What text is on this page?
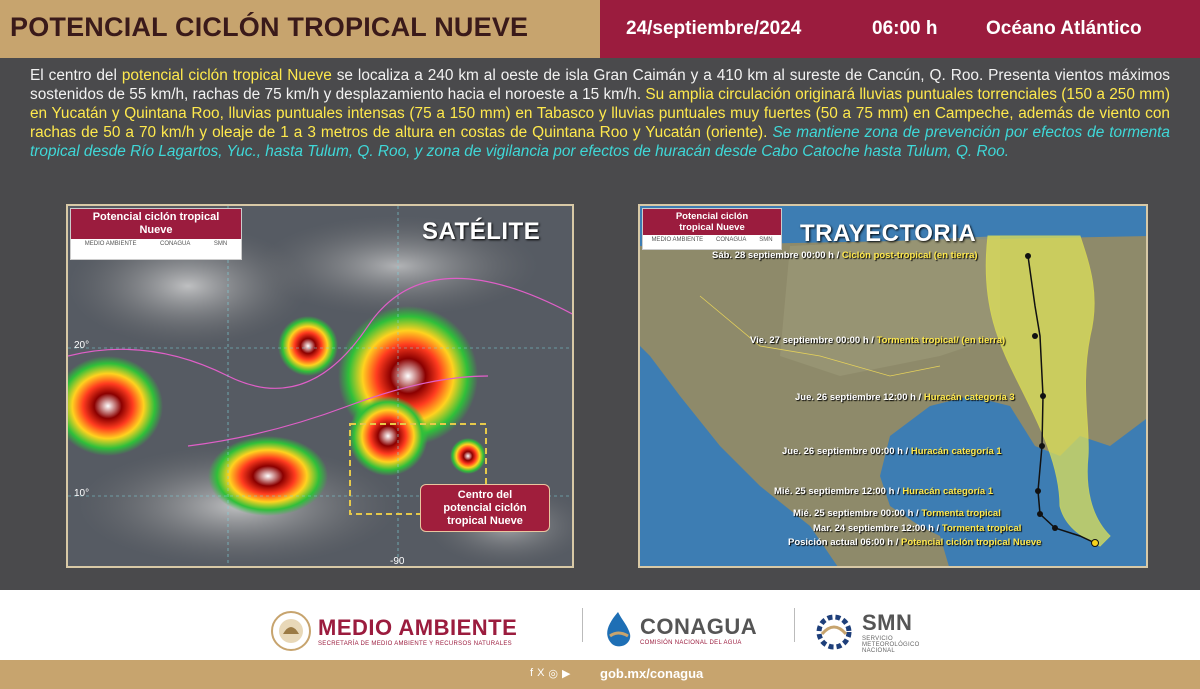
POTENCIAL CICLÓN TROPICAL NUEVE	24/septiembre/2024	06:00 h	Océano Atlántico
El centro del potencial ciclón tropical Nueve se localiza a 240 km al oeste de isla Gran Caimán y a 410 km al sureste de Cancún, Q. Roo. Presenta vientos máximos sostenidos de 55 km/h, rachas de 75 km/h y desplazamiento hacia el noroeste a 15 km/h. Su amplia circulación originará lluvias puntuales torrenciales (150 a 250 mm) en Yucatán y Quintana Roo, lluvias puntuales intensas (75 a 150 mm) en Tabasco y lluvias puntuales muy fuertes (50 a 75 mm) en Campeche, además de viento con rachas de 50 a 70 km/h y oleaje de 1 a 3 metros de altura en costas de Quintana Roo y Yucatán (oriente). Se mantiene zona de prevención por efectos de tormenta tropical desde Río Lagartos, Yuc., hasta Tulum, Q. Roo, y zona de vigilancia por efectos de huracán desde Cabo Catoche hasta Tulum, Q. Roo.
Potencial ciclón tropical
Nueve
MEDIO AMBIENTE	CONAGUA	SMN	SATÉLITE
20°
10°
-90
Centro del
potencial ciclón
tropical Nueve
Potencial ciclón
tropical Nueve
MEDIO AMBIENTE CONAGUA SMN TRAYECTORIA
Sáb. 28 septiembre 00:00 h / Ciclón post-tropical (en tierra)
Vie. 27 septiembre 00:00 h / Tormenta tropical/ (en tierra)
Jue. 26 septiembre 12:00 h / Huracán categoría 3
Jue. 26 septiembre 00:00 h / Huracán categoría 1
Mié. 25 septiembre 12:00 h / Huracán categoría 1
Mié. 25 septiembre 00:00 h / Tormenta tropical
Mar. 24 septiembre 12:00 h / Tormenta tropical
Posición actual 06:00 h / Potencial ciclón tropical Nueve
MEDIO AMBIENTE
SECRETARÍA DE MEDIO AMBIENTE Y RECURSOS NATURALES
CONAGUA
COMISIÓN NACIONAL DEL AGUA
SMN
SERVICIO
METEOROLÓGICO
NACIONAL
f X ◎ ▶ gob.mx/conagua
